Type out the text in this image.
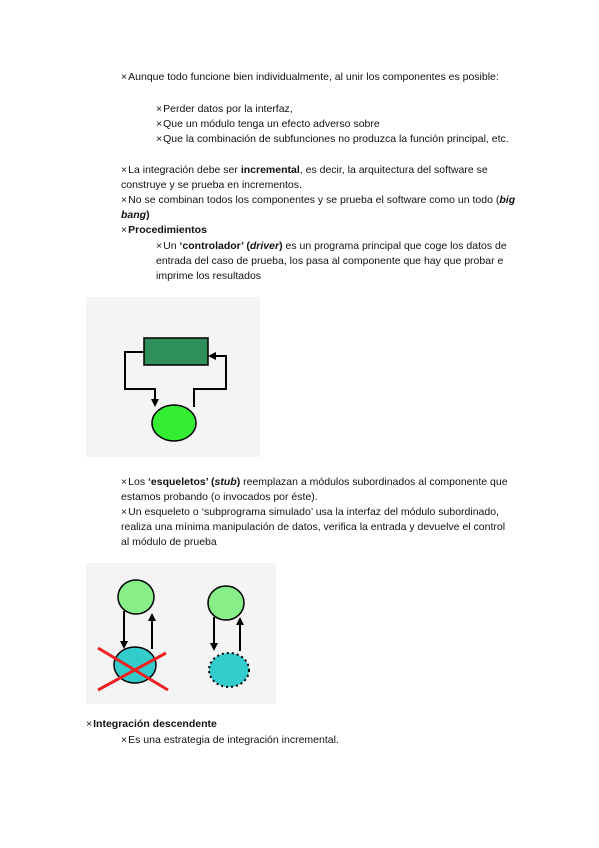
×Aunque todo funcione bien individualmente, al unir los componentes es posible:
×Perder datos por la interfaz,
×Que un módulo tenga un efecto adverso sobre
×Que la combinación de subfunciones no produzca la función principal, etc.
×La integración debe ser incremental, es decir, la arquitectura del software se construye y se prueba en incrementos.
×No se combinan todos los componentes y se prueba el software como un todo (big bang)
×Procedimientos
×Un ‘controlador’ (driver) es un programa principal que coge los datos de entrada del caso de prueba, los pasa al componente que hay que probar e imprime los resultados
×Los ‘esqueletos’ (stub) reemplazan a módulos subordinados al componente que estamos probando (o invocados por éste).
×Un esqueleto o ‘subprograma simulado’ usa la interfaz del módulo subordinado, realiza una mínima manipulación de datos, verifica la entrada y devuelve el control al módulo de prueba
×Integración descendente
×Es una estrategia de integración incremental.
